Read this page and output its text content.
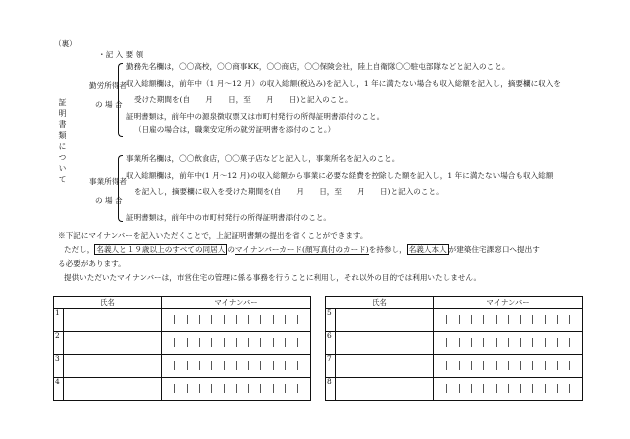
（裏）
・記 入 要 領
証明書類について
勤労所得者
の 場 合
勤務先名欄は，〇〇高校，〇〇商事KK，〇〇商店，〇〇保険会社，陸上自衛隊〇〇駐屯部隊などと記入のこと。
収入総額欄は，前年中（1 月～12 月）の収入総額(税込み)を記入し，1 年に満たない場合も収入総額を記入し，摘要欄に収入を
受けた期間を(自　　月　　日，至　　月　　日)と記入のこと。
証明書類は，前年中の源泉徴収票又は市町村発行の所得証明書添付のこと。
（日雇の場合は，職業安定所の就労証明書を添付のこと。）
事業所得者
の 場 合
事業所名欄は，〇〇飲食店，〇〇菓子店などと記入し，事業所名を記入のこと。
収入総額欄は，前年中(1 月～12 月)の収入総額から事業に必要な経費を控除した額を記入し，1 年に満たない場合も収入総額
を記入し，摘要欄に収入を受けた期間を(自　　月　　日，至　　月　　日)と記入のこと。
証明書類は，前年中の市町村発行の所得証明書添付のこと。
※下記にマイナンバーを記入いただくことで，上記証明書類の提出を省くことができます。
ただし， 名義人と１９歳以上のすべての同居人 のマイナンバーカード(顔写真付のカード)を持参し， 名義人本人 が建築住宅課窓口へ提出す
る必要があります。
提供いただいたマイナンバーは，市営住宅の管理に係る事務を行うことに利用し，それ以外の目的では利用いたしません。
氏名		マイナンバー
1		

2		

3		

4		
氏名		マイナンバー
5		

6		

7		

8		
